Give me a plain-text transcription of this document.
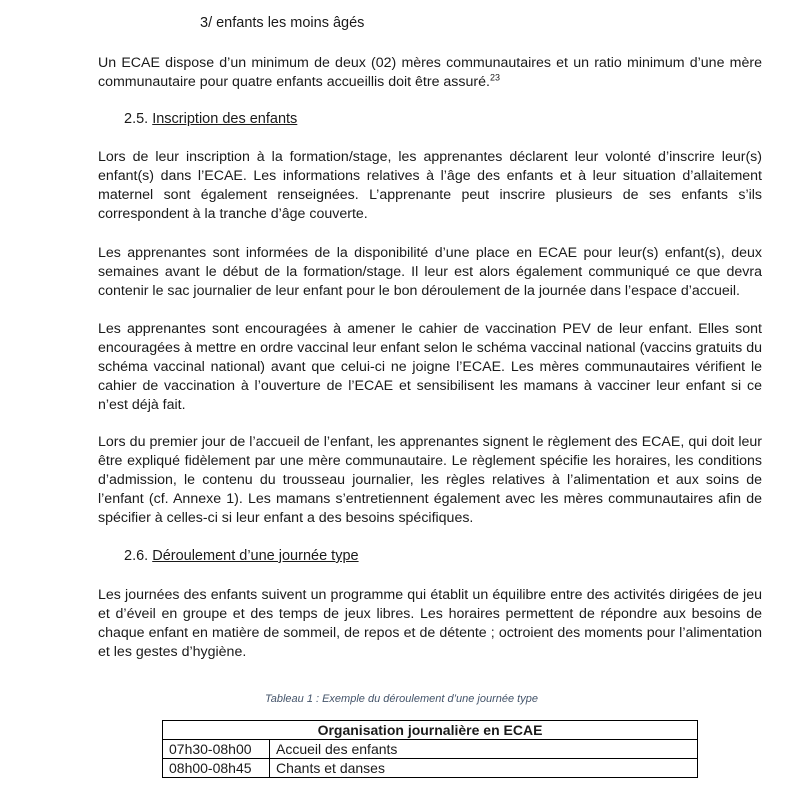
3/ enfants les moins âgés

Un ECAE dispose d’un minimum de deux (02) mères communautaires et un ratio minimum d’une mère communautaire pour quatre enfants accueillis doit être assuré.$^{23}$

2.5. Inscription des enfants

Lors de leur inscription à la formation/stage, les apprenantes déclarent leur volonté d’inscrire leur(s) enfant(s) dans l’ECAE. Les informations relatives à l’âge des enfants et à leur situation d’allaitement maternel sont également renseignées. L’apprenante peut inscrire plusieurs de ses enfants s’ils correspondent à la tranche d’âge couverte.

Les apprenantes sont informées de la disponibilité d’une place en ECAE pour leur(s) enfant(s), deux semaines avant le début de la formation/stage. Il leur est alors également communiqué ce que devra contenir le sac journalier de leur enfant pour le bon déroulement de la journée dans l’espace d’accueil.

Les apprenantes sont encouragées à amener le cahier de vaccination PEV de leur enfant. Elles sont encouragées à mettre en ordre vaccinal leur enfant selon le schéma vaccinal national (vaccins gratuits du schéma vaccinal national) avant que celui-ci ne joigne l’ECAE. Les mères communautaires vérifient le cahier de vaccination à l’ouverture de l’ECAE et sensibilisent les mamans à vacciner leur enfant si ce n’est déjà fait.

Lors du premier jour de l’accueil de l’enfant, les apprenantes signent le règlement des ECAE, qui doit leur être expliqué fidèlement par une mère communautaire. Le règlement spécifie les horaires, les conditions d’admission, le contenu du trousseau journalier, les règles relatives à l’alimentation et aux soins de l’enfant (cf. Annexe 1). Les mamans s’entretiennent également avec les mères communautaires afin de spécifier à celles-ci si leur enfant a des besoins spécifiques.

2.6. Déroulement d’une journée type

Les journées des enfants suivent un programme qui établit un équilibre entre des activités dirigées de jeu et d’éveil en groupe et des temps de jeux libres. Les horaires permettent de répondre aux besoins de chaque enfant en matière de sommeil, de repos et de détente ; octroient des moments pour l’alimentation et les gestes d’hygiène.

Tableau 1 : Exemple du déroulement d’une journée type
Organisation journalière en ECAE	
07h30-08h00	Accueil des enfants
08h00-08h45	Chants et danses
